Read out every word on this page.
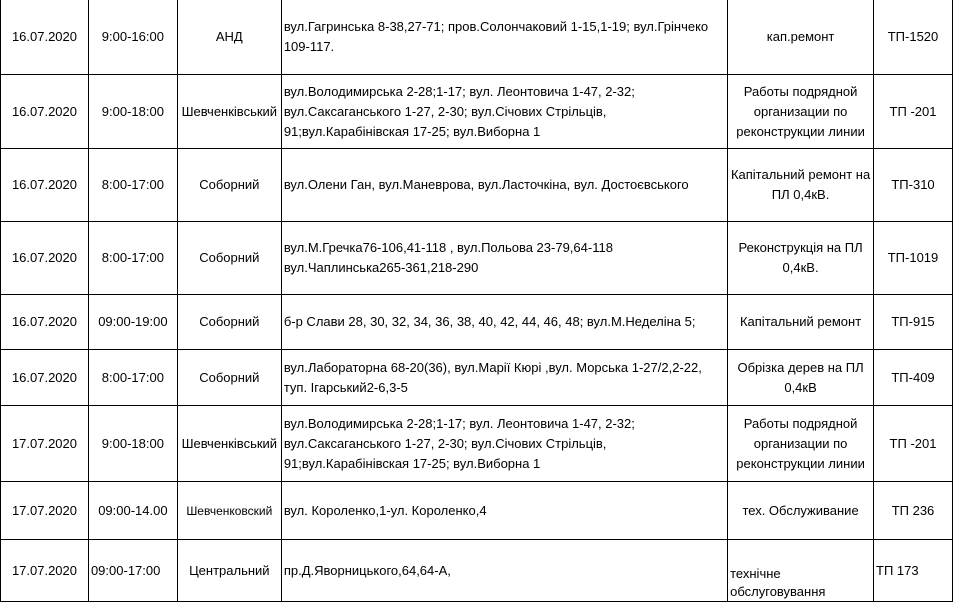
16.07.2020	9:00-16:00	АНД	вул.Гагринська 8-38,27-71; пров.Солончаковий 1-15,1-19; вул.Грінчеко 109-117.	кап.ремонт	ТП-1520
16.07.2020	9:00-18:00	Шевченківський	вул.Володимирська 2-28;1-17; вул. Леонтовича 1-47, 2-32; вул.Саксаганського 1-27, 2-30; вул.Січових Стрільців, 91;вул.Карабінівская 17-25; вул.Виборна 1	Работы подрядной организации по реконструкции линии	ТП -201
16.07.2020	8:00-17:00	Соборний	вул.Олени Ган, вул.Маневрова, вул.Ласточкіна, вул. Достоєвського	Капітальний ремонт на ПЛ 0,4кВ.	ТП-310
16.07.2020	8:00-17:00	Соборний	вул.М.Гречка76-106,41-118 , вул.Польова 23-79,64-118 вул.Чаплинська265-361,218-290	Реконструкція на ПЛ 0,4кВ.	ТП-1019
16.07.2020	09:00-19:00	Соборний	б-р Слави 28, 30, 32, 34, 36, 38, 40, 42, 44, 46, 48; вул.М.Неделіна 5;	Капітальний ремонт	ТП-915
16.07.2020	8:00-17:00	Соборний	вул.Лабораторна 68-20(36), вул.Марії Кюрі ,вул. Морська 1-27/2,2-22, туп. Ігарський2-6,3-5	Обрізка дерев на ПЛ 0,4кВ	ТП-409
17.07.2020	9:00-18:00	Шевченківський	вул.Володимирська 2-28;1-17; вул. Леонтовича 1-47, 2-32; вул.Саксаганського 1-27, 2-30; вул.Січових Стрільців, 91;вул.Карабінівская 17-25; вул.Виборна 1	Работы подрядной организации по реконструкции линии	ТП -201
17.07.2020	09:00-14.00	Шевченковский	вул. Короленко,1-ул. Короленко,4	тех. Обслуживание	ТП 236
17.07.2020	09:00-17:00	Центральний	пр.Д.Яворницького,64,64-А,	технічне обслуговування	ТП 173
